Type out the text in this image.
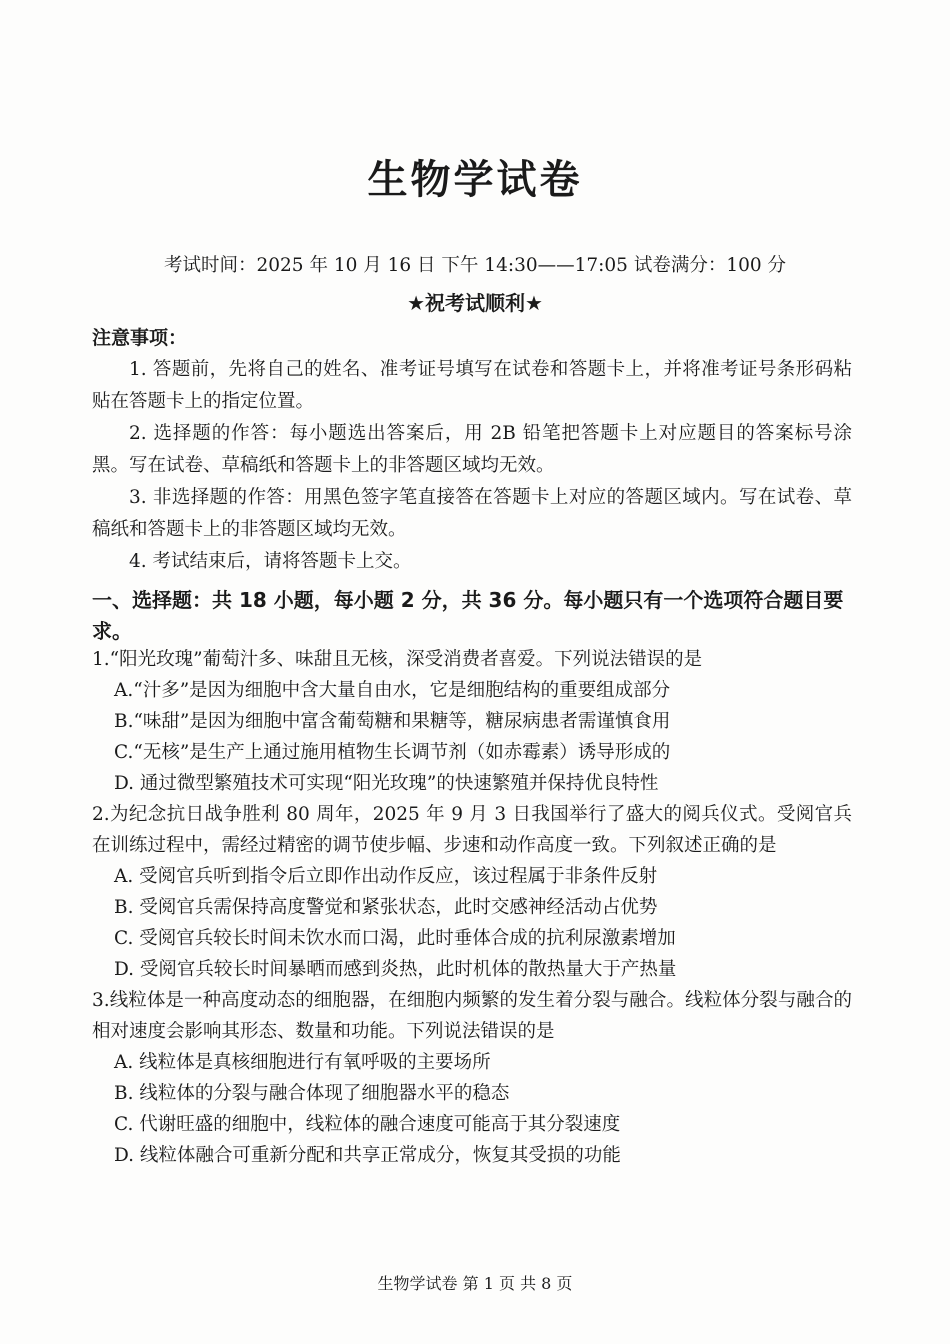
生物学试卷
考试时间：2025 年 10 月 16 日 下午 14:30——17:05 试卷满分：100 分
★祝考试顺利★
注意事项：

1. 答题前，先将自己的姓名、准考证号填写在试卷和答题卡上，并将准考证号条形码粘贴在答题卡上的指定位置。

2. 选择题的作答：每小题选出答案后，用 2B 铅笔把答题卡上对应题目的答案标号涂黑。写在试卷、草稿纸和答题卡上的非答题区域均无效。

3. 非选择题的作答：用黑色签字笔直接答在答题卡上对应的答题区域内。写在试卷、草稿纸和答题卡上的非答题区域均无效。

4. 考试结束后，请将答题卡上交。

一、选择题：共 18 小题，每小题 2 分，共 36 分。每小题只有一个选项符合题目要求。

1.“阳光玫瑰”葡萄汁多、味甜且无核，深受消费者喜爱。下列说法错误的是

A.“汁多”是因为细胞中含大量自由水，它是细胞结构的重要组成部分

B.“味甜”是因为细胞中富含葡萄糖和果糖等，糖尿病患者需谨慎食用

C.“无核”是生产上通过施用植物生长调节剂（如赤霉素）诱导形成的

D. 通过微型繁殖技术可实现“阳光玫瑰”的快速繁殖并保持优良特性

2.为纪念抗日战争胜利 80 周年，2025 年 9 月 3 日我国举行了盛大的阅兵仪式。受阅官兵在训练过程中，需经过精密的调节使步幅、步速和动作高度一致。下列叙述正确的是

A. 受阅官兵听到指令后立即作出动作反应，该过程属于非条件反射

B. 受阅官兵需保持高度警觉和紧张状态，此时交感神经活动占优势

C. 受阅官兵较长时间未饮水而口渴，此时垂体合成的抗利尿激素增加

D. 受阅官兵较长时间暴晒而感到炎热，此时机体的散热量大于产热量

3.线粒体是一种高度动态的细胞器，在细胞内频繁的发生着分裂与融合。线粒体分裂与融合的相对速度会影响其形态、数量和功能。下列说法错误的是

A. 线粒体是真核细胞进行有氧呼吸的主要场所

B. 线粒体的分裂与融合体现了细胞器水平的稳态

C. 代谢旺盛的细胞中，线粒体的融合速度可能高于其分裂速度

D. 线粒体融合可重新分配和共享正常成分，恢复其受损的功能

生物学试卷 第 1 页 共 8 页
